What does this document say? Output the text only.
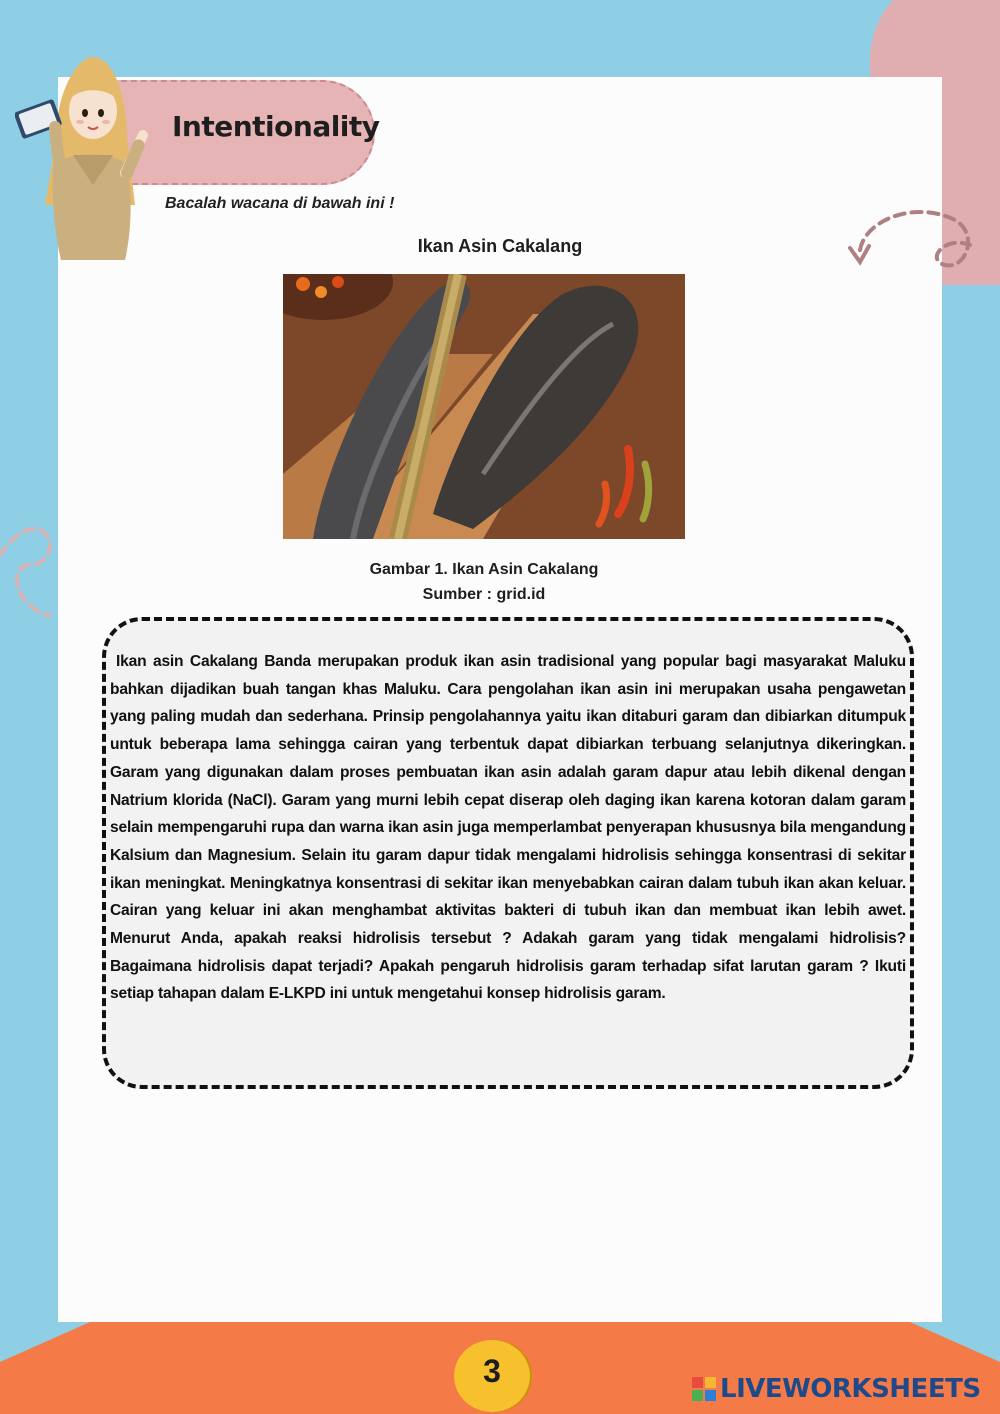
Intentionality
Bacalah wacana di bawah ini !
Ikan Asin Cakalang
Gambar 1. Ikan Asin Cakalang
Sumber : grid.id
Ikan asin Cakalang Banda merupakan produk ikan asin tradisional yang popular bagi masyarakat Maluku bahkan dijadikan buah tangan khas Maluku. Cara pengolahan ikan asin ini merupakan usaha pengawetan yang paling mudah dan sederhana. Prinsip pengolahannya yaitu ikan ditaburi garam dan dibiarkan ditumpuk untuk beberapa lama sehingga cairan yang terbentuk dapat dibiarkan terbuang selanjutnya dikeringkan. Garam yang digunakan dalam proses pembuatan ikan asin adalah garam dapur atau lebih dikenal dengan Natrium klorida (NaCl). Garam yang murni lebih cepat diserap oleh daging ikan karena kotoran dalam garam selain mempengaruhi rupa dan warna ikan asin juga memperlambat penyerapan khususnya bila mengandung Kalsium dan Magnesium. Selain itu garam dapur tidak mengalami hidrolisis sehingga konsentrasi di sekitar ikan meningkat. Meningkatnya konsentrasi di sekitar ikan menyebabkan cairan dalam tubuh ikan akan keluar. Cairan yang keluar ini akan menghambat aktivitas bakteri di tubuh ikan dan membuat ikan lebih awet. Menurut Anda, apakah reaksi hidrolisis tersebut ? Adakah garam yang tidak mengalami hidrolisis? Bagaimana hidrolisis dapat terjadi? Apakah pengaruh hidrolisis garam terhadap sifat larutan garam ? Ikuti setiap tahapan dalam E-LKPD ini untuk mengetahui konsep hidrolisis garam.
3	LIVEWORKSHEETS
